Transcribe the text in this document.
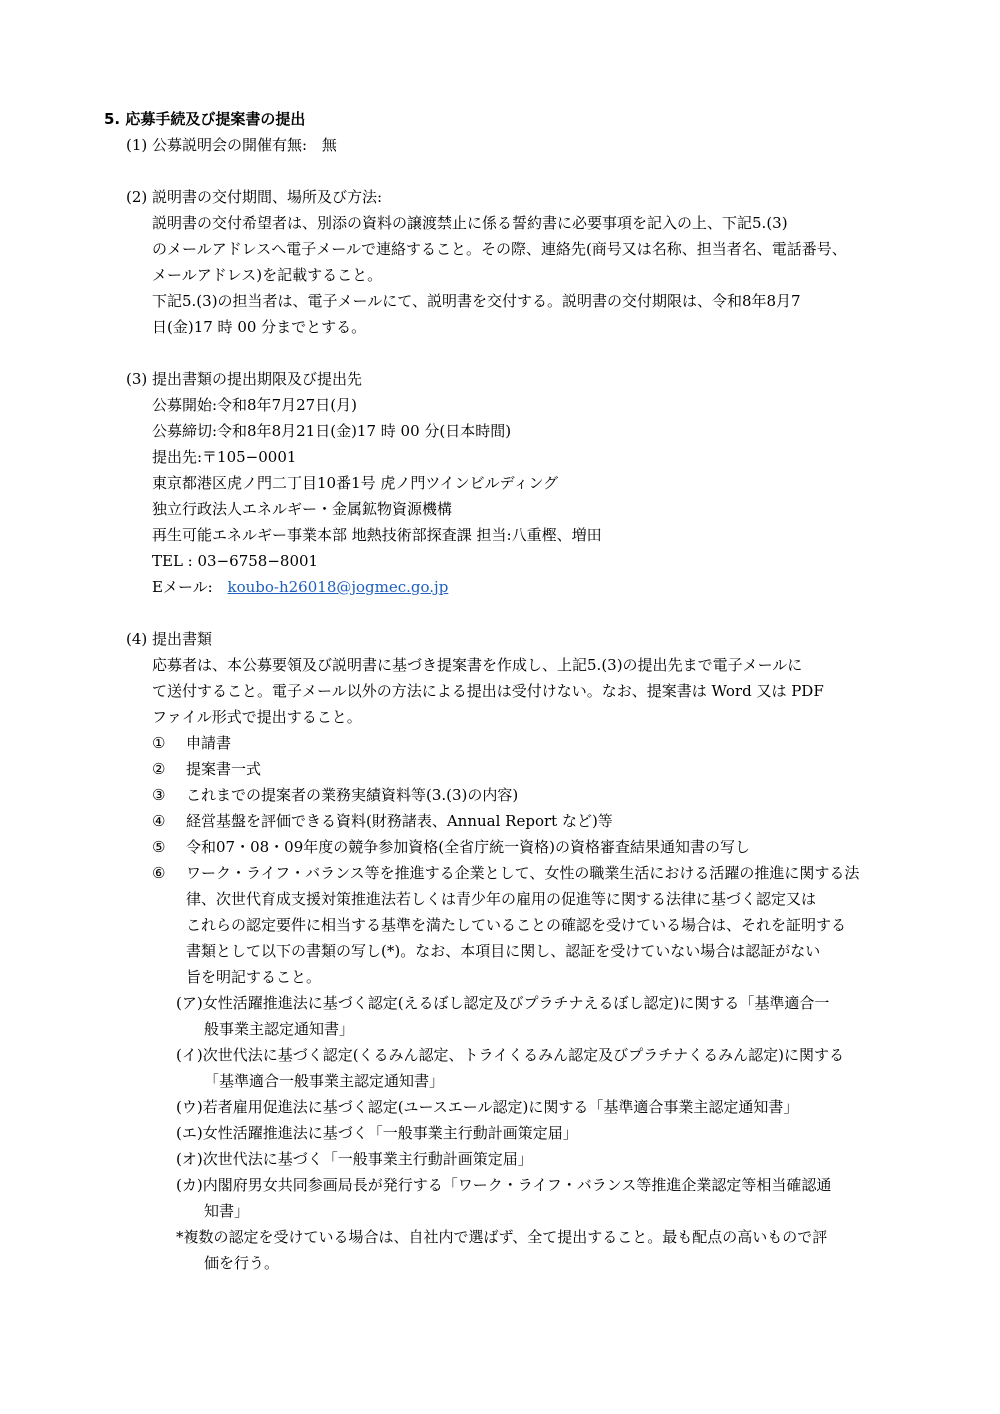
5. 応募手続及び提案書の提出
(1) 公募説明会の開催有無: 無
(2) 説明書の交付期間、場所及び方法:
説明書の交付希望者は、別添の資料の譲渡禁止に係る誓約書に必要事項を記入の上、下記5.(3)
のメールアドレスへ電子メールで連絡すること。その際、連絡先(商号又は名称、担当者名、電話番号、
メールアドレス)を記載すること。
下記5.(3)の担当者は、電子メールにて、説明書を交付する。説明書の交付期限は、令和8年8月7
日(金)17 時 00 分までとする。
(3) 提出書類の提出期限及び提出先
公募開始:令和8年7月27日(月)
公募締切:令和8年8月21日(金)17 時 00 分(日本時間)
提出先:〒105−0001
東京都港区虎ノ門二丁目10番1号 虎ノ門ツインビルディング
独立行政法人エネルギー・金属鉱物資源機構
再生可能エネルギー事業本部 地熱技術部探査課 担当:八重樫、増田
TEL : 03−6758−8001
Eメール: koubo-h26018@jogmec.go.jp
(4) 提出書類
応募者は、本公募要領及び説明書に基づき提案書を作成し、上記5.(3)の提出先まで電子メールに
て送付すること。電子メール以外の方法による提出は受付けない。なお、提案書は Word 又は PDF
ファイル形式で提出すること。
①	申請書
②	提案書一式
③	これまでの提案者の業務実績資料等(3.(3)の内容)
④	経営基盤を評価できる資料(財務諸表、Annual Report など)等
⑤	令和07・08・09年度の競争参加資格(全省庁統一資格)の資格審査結果通知書の写し
⑥	ワーク・ライフ・バランス等を推進する企業として、女性の職業生活における活躍の推進に関する法
律、次世代育成支援対策推進法若しくは青少年の雇用の促進等に関する法律に基づく認定又は
これらの認定要件に相当する基準を満たしていることの確認を受けている場合は、それを証明する
書類として以下の書類の写し(*)。なお、本項目に関し、認証を受けていない場合は認証がない
旨を明記すること。
(ア)女性活躍推進法に基づく認定(えるぼし認定及びプラチナえるぼし認定)に関する「基準適合一
般事業主認定通知書」
(イ)次世代法に基づく認定(くるみん認定、トライくるみん認定及びプラチナくるみん認定)に関する
「基準適合一般事業主認定通知書」
(ウ)若者雇用促進法に基づく認定(ユースエール認定)に関する「基準適合事業主認定通知書」
(エ)女性活躍推進法に基づく「一般事業主行動計画策定届」
(オ)次世代法に基づく「一般事業主行動計画策定届」
(カ)内閣府男女共同参画局長が発行する「ワーク・ライフ・バランス等推進企業認定等相当確認通
知書」
*複数の認定を受けている場合は、自社内で選ばず、全て提出すること。最も配点の高いもので評
価を行う。
